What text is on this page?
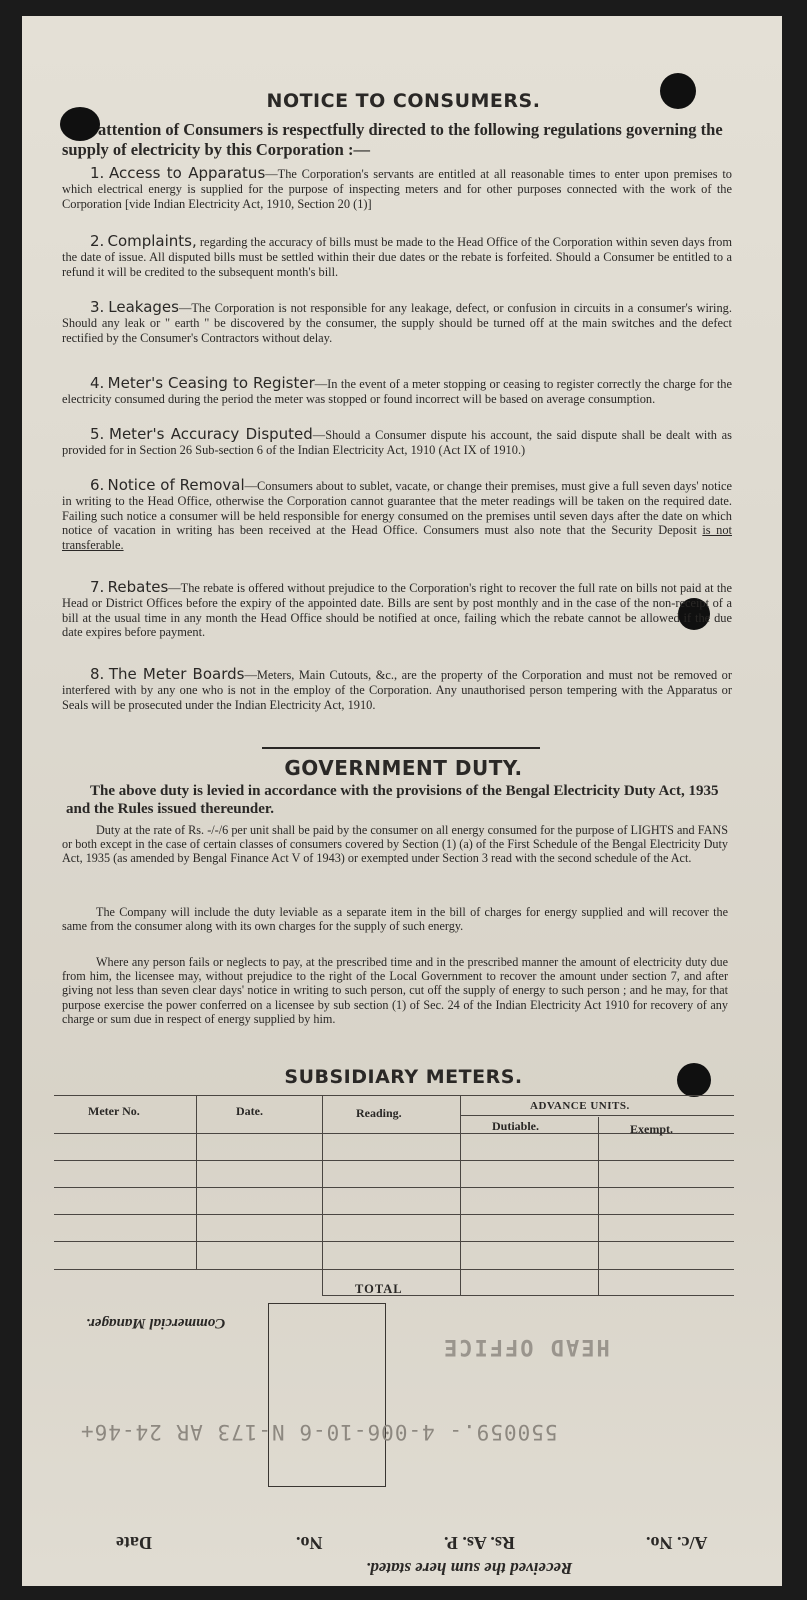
NOTICE TO CONSUMERS.
attention of Consumers is respectfully directed to the following regulations governing the supply of electricity by this Corporation :—
1. Access to Apparatus—The Corporation's servants are entitled at all reasonable times to enter upon premises to which electrical energy is supplied for the purpose of inspecting meters and for other purposes connected with the work of the Corporation [vide Indian Electricity Act, 1910, Section 20 (1)]
2. Complaints, regarding the accuracy of bills must be made to the Head Office of the Corporation within seven days from the date of issue. All disputed bills must be settled within their due dates or the rebate is forfeited. Should a Consumer be entitled to a refund it will be credited to the subsequent month's bill.
3. Leakages—The Corporation is not responsible for any leakage, defect, or confusion in circuits in a consumer's wiring. Should any leak or " earth " be discovered by the consumer, the supply should be turned off at the main switches and the defect rectified by the Consumer's Contractors without delay.
4. Meter's Ceasing to Register—In the event of a meter stopping or ceasing to register correctly the charge for the electricity consumed during the period the meter was stopped or found incorrect will be based on average consumption.
5. Meter's Accuracy Disputed—Should a Consumer dispute his account, the said dispute shall be dealt with as provided for in Section 26 Sub-section 6 of the Indian Electricity Act, 1910 (Act IX of 1910.)
6. Notice of Removal—Consumers about to sublet, vacate, or change their premises, must give a full seven days' notice in writing to the Head Office, otherwise the Corporation cannot guarantee that the meter readings will be taken on the required date. Failing such notice a consumer will be held responsible for energy consumed on the premises until seven days after the date on which notice of vacation in writing has been received at the Head Office. Consumers must also note that the Security Deposit is not transferable.
7. Rebates—The rebate is offered without prejudice to the Corporation's right to recover the full rate on bills not paid at the Head or District Offices before the expiry of the appointed date. Bills are sent by post monthly and in the case of the non-receipt of a bill at the usual time in any month the Head Office should be notified at once, failing which the rebate cannot be allowed if the due date expires before payment.
8. The Meter Boards—Meters, Main Cutouts, &c., are the property of the Corporation and must not be removed or interfered with by any one who is not in the employ of the Corporation. Any unauthorised person tempering with the Apparatus or Seals will be prosecuted under the Indian Electricity Act, 1910.
GOVERNMENT DUTY.
The above duty is levied in accordance with the provisions of the Bengal Electricity Duty Act, 1935 and the Rules issued thereunder.
Duty at the rate of Rs. -/-/6 per unit shall be paid by the consumer on all energy consumed for the purpose of LIGHTS and FANS or both except in the case of certain classes of consumers covered by Section (1) (a) of the First Schedule of the Bengal Electricity Duty Act, 1935 (as amended by Bengal Finance Act V of 1943) or exempted under Section 3 read with the second schedule of the Act.
The Company will include the duty leviable as a separate item in the bill of charges for energy supplied and will recover the same from the consumer along with its own charges for the supply of such energy.
Where any person fails or neglects to pay, at the prescribed time and in the prescribed manner the amount of electricity duty due from him, the licensee may, without prejudice to the right of the Local Government to recover the amount under section 7, and after giving not less than seven clear days' notice in writing to such person, cut off the supply of energy to such person ; and he may, for that purpose exercise the power conferred on a licensee by sub section (1) of Sec. 24 of the Indian Electricity Act 1910 for recovery of any charge or sum due in respect of energy supplied by him.
SUBSIDIARY METERS.
Meter No.	Date.	Reading.	ADVANCE UNITS.
Dutiable.	Exempt.
TOTAL
Commercial Manager.
HEAD OFFICE
550059.- 4-006-10-6 N-173 AR 24-46+
A/c. No.
Rs. As. P.
No.
Date
Received the sum here stated.
